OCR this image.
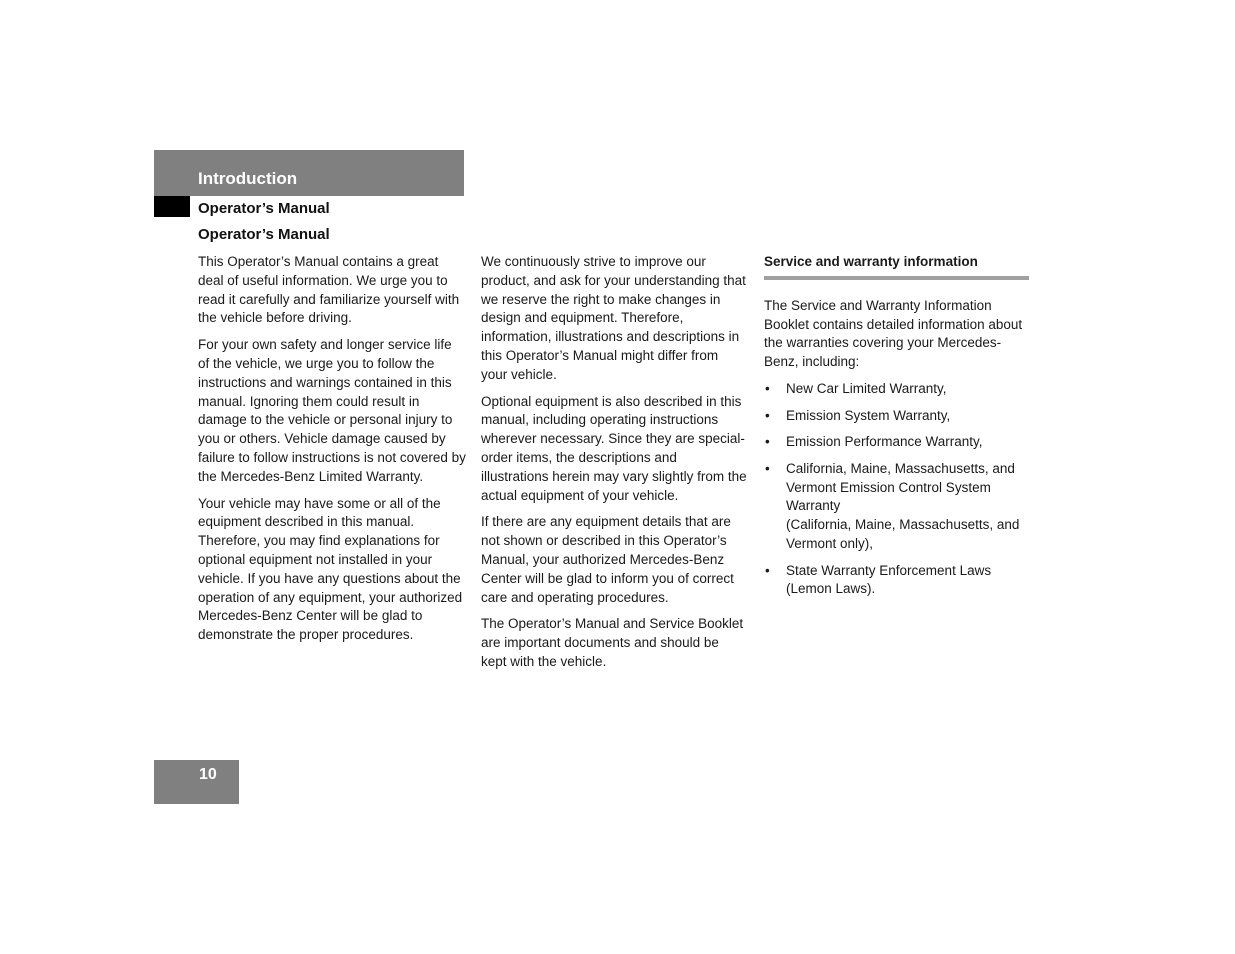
Introduction
Operator’s Manual
Operator’s Manual

This Operator’s Manual contains a great deal of useful information. We urge you to read it carefully and familiarize yourself with the vehicle before driving.

For your own safety and longer service life of the vehicle, we urge you to follow the instructions and warnings contained in this manual. Ignoring them could result in damage to the vehicle or personal injury to you or others. Vehicle damage caused by failure to follow instructions is not covered by the Mercedes-Benz Limited Warranty.

Your vehicle may have some or all of the equipment described in this manual. Therefore, you may find explanations for optional equipment not installed in your vehicle. If you have any questions about the operation of any equipment, your authorized Mercedes-Benz Center will be glad to demonstrate the proper procedures.

We continuously strive to improve our product, and ask for your understanding that we reserve the right to make changes in design and equipment. Therefore, information, illustrations and descriptions in this Operator’s Manual might differ from your vehicle.

Optional equipment is also described in this manual, including operating instructions wherever necessary. Since they are special-order items, the descriptions and illustrations herein may vary slightly from the actual equipment of your vehicle.

If there are any equipment details that are not shown or described in this Operator’s Manual, your authorized Mercedes-Benz Center will be glad to inform you of correct care and operating procedures.

The Operator’s Manual and Service Booklet are important documents and should be kept with the vehicle.

Service and warranty information

The Service and Warranty Information Booklet contains detailed information about the warranties covering your Mercedes-Benz, including:

• New Car Limited Warranty,
• Emission System Warranty,
• Emission Performance Warranty,
• California, Maine, Massachusetts, and Vermont Emission Control System Warranty
(California, Maine, Massachusetts, and Vermont only),
• State Warranty Enforcement Laws (Lemon Laws).
10
